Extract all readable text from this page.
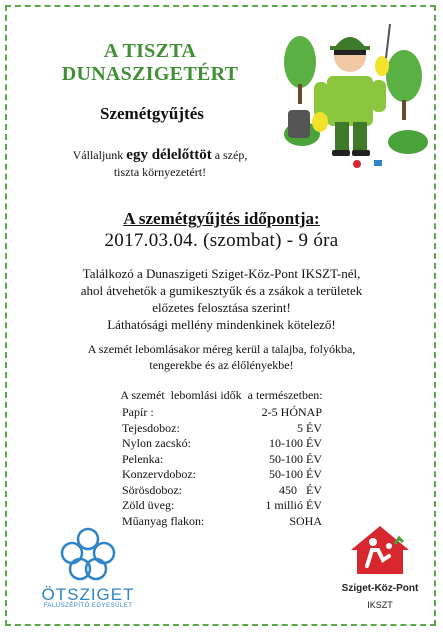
A TISZTA
DUNASZIGETÉRT
Szemétgyűjtés
Vállaljunk egy délelőttöt a szép,
tiszta környezetért!
A szemétgyűjtés időpontja:
2017.03.04. (szombat) - 9 óra
Találkozó a Dunaszigeti Sziget-Köz-Pont IKSZT-nél,
ahol átvehetők a gumikesztyűk és a zsákok a területek
előzetes felosztása szerint!
Láthatósági mellény mindenkinek kötelező!
A szemét lebomlásakor méreg kerül a talajba, folyókba,
tengerekbe és az élőlényekbe!
A szemét  lebomlási idők  a természetben:
Papír :	2-5 HÓNAP
Tejesdoboz:	5 ÉV
Nylon zacskó:	10-100 ÉV
Pelenka:	50-100 ÉV
Konzervdoboz:	50-100 ÉV
Sörösdoboz:	450   ÉV
Zöld üveg:	1 millió ÉV
Műanyag flakon:	SOHA
ÖTSZIGET
FALUSZÉPÍTŐ EGYESÜLET
Sziget-Köz-Pont
IKSZT
